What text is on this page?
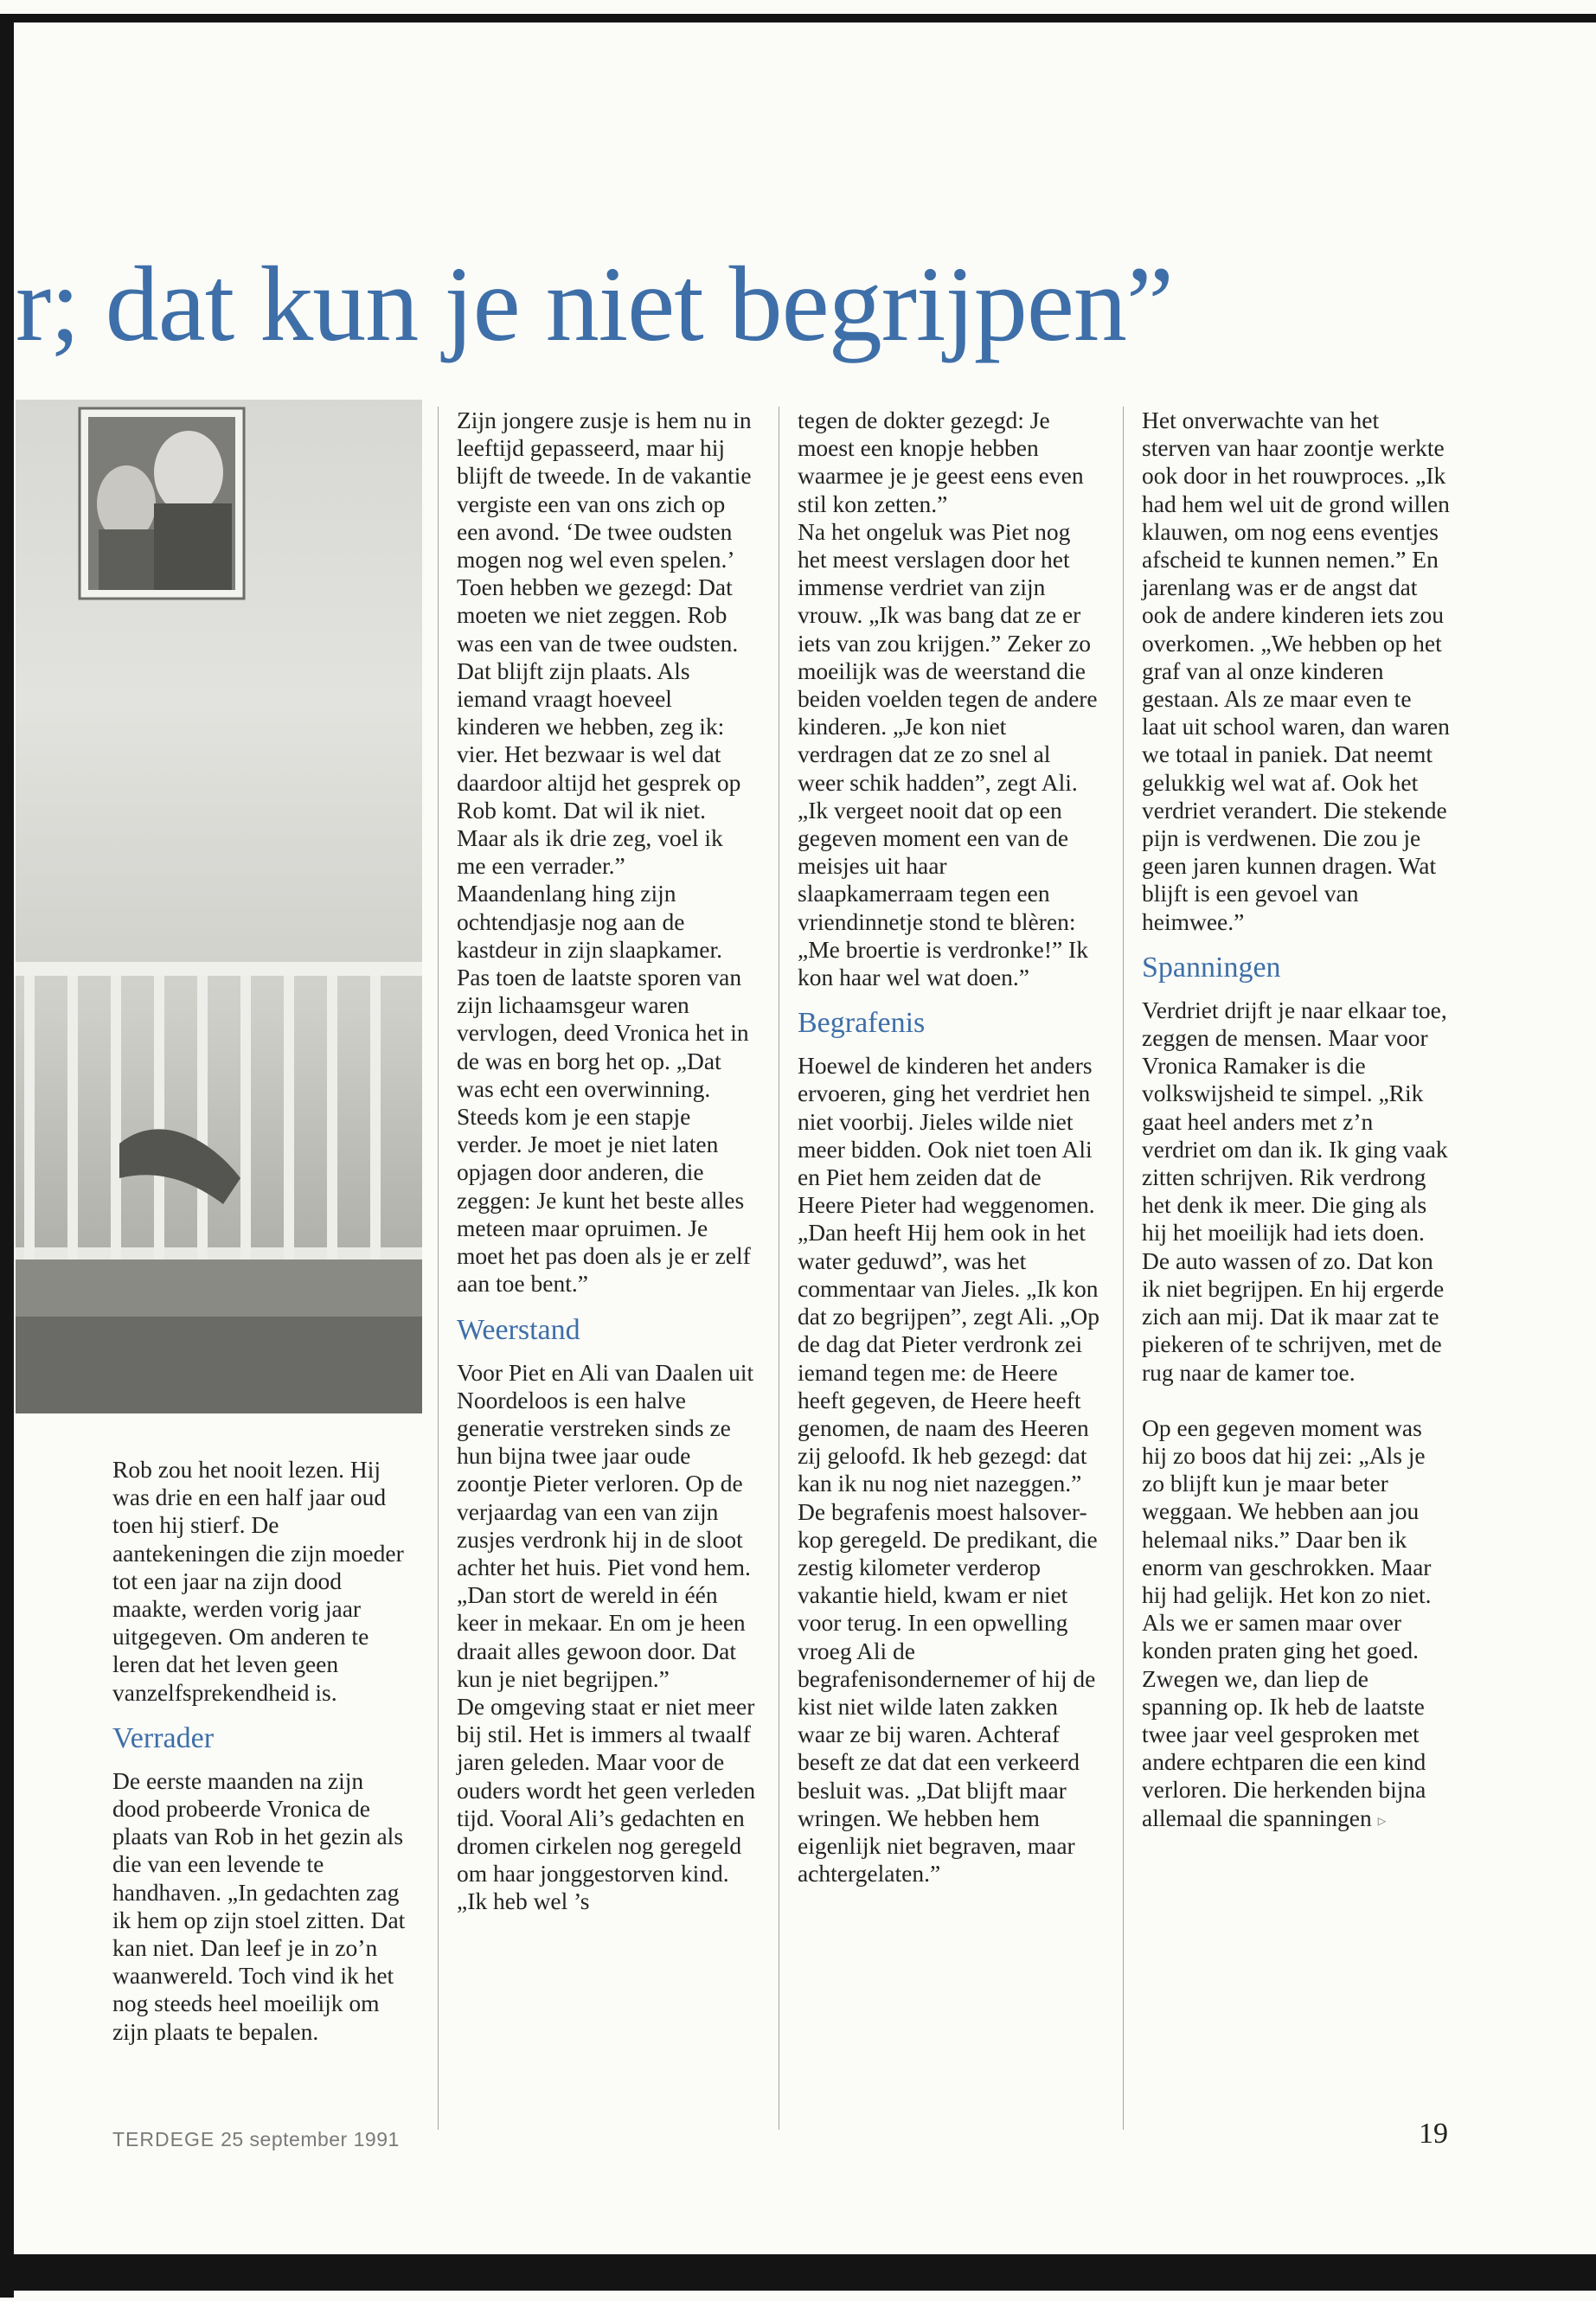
r; dat kun je niet begrijpen”

Rob zou het nooit lezen. Hij was drie en een half jaar oud toen hij stierf. De aantekeningen die zijn moeder tot een jaar na zijn dood maakte, werden vorig jaar uitgegeven. Om anderen te leren dat het leven geen vanzelfsprekendheid is.

Verrader

De eerste maanden na zijn dood probeerde Vronica de plaats van Rob in het gezin als die van een levende te handhaven. „In gedachten zag ik hem op zijn stoel zitten. Dat kan niet. Dan leef je in zo’n waanwereld. Toch vind ik het nog steeds heel moeilijk om zijn plaats te bepalen.

Zijn jongere zusje is hem nu in leeftijd gepasseerd, maar hij blijft de tweede. In de vakantie vergiste een van ons zich op een avond. ‘De twee oudsten mogen nog wel even spelen.’ Toen hebben we gezegd: Dat moeten we niet zeggen. Rob was een van de twee oudsten. Dat blijft zijn plaats. Als iemand vraagt hoeveel kinderen we hebben, zeg ik: vier. Het bezwaar is wel dat daardoor altijd het gesprek op Rob komt. Dat wil ik niet. Maar als ik drie zeg, voel ik me een verrader.”

Maandenlang hing zijn ochtendjasje nog aan de kastdeur in zijn slaapkamer. Pas toen de laatste sporen van zijn lichaamsgeur waren vervlogen, deed Vronica het in de was en borg het op. „Dat was echt een overwinning. Steeds kom je een stapje verder. Je moet je niet laten opjagen door anderen, die zeggen: Je kunt het beste alles meteen maar opruimen. Je moet het pas doen als je er zelf aan toe bent.”

Weerstand

Voor Piet en Ali van Daalen uit Noordeloos is een halve generatie verstreken sinds ze hun bijna twee jaar oude zoontje Pieter verloren. Op de verjaardag van een van zijn zusjes verdronk hij in de sloot achter het huis. Piet vond hem. „Dan stort de wereld in één keer in mekaar. En om je heen draait alles gewoon door. Dat kun je niet begrijpen.”

De omgeving staat er niet meer bij stil. Het is immers al twaalf jaren geleden. Maar voor de ouders wordt het geen verleden tijd. Vooral Ali’s gedachten en dromen cirkelen nog geregeld om haar jonggestorven kind. „Ik heb wel ’s

tegen de dokter gezegd: Je moest een knopje hebben waarmee je je geest eens even stil kon zetten.”

Na het ongeluk was Piet nog het meest verslagen door het immense verdriet van zijn vrouw. „Ik was bang dat ze er iets van zou krijgen.” Zeker zo moeilijk was de weerstand die beiden voelden tegen de andere kinderen. „Je kon niet verdragen dat ze zo snel al weer schik hadden”, zegt Ali. „Ik vergeet nooit dat op een gegeven moment een van de meisjes uit haar slaapkamerraam tegen een vriendinnetje stond te blèren: „Me broertie is verdronke!” Ik kon haar wel wat doen.”

Begrafenis

Hoewel de kinderen het anders ervoeren, ging het verdriet hen niet voorbij. Jieles wilde niet meer bidden. Ook niet toen Ali en Piet hem zeiden dat de Heere Pieter had weggenomen. „Dan heeft Hij hem ook in het water geduwd”, was het commentaar van Jieles. „Ik kon dat zo begrijpen”, zegt Ali. „Op de dag dat Pieter verdronk zei iemand tegen me: de Heere heeft gegeven, de Heere heeft genomen, de naam des Heeren zij geloofd. Ik heb gezegd: dat kan ik nu nog niet nazeggen.”

De begrafenis moest halsover-kop geregeld. De predikant, die zestig kilometer verderop vakantie hield, kwam er niet voor terug. In een opwelling vroeg Ali de begrafenisondernemer of hij de kist niet wilde laten zakken waar ze bij waren. Achteraf beseft ze dat dat een verkeerd besluit was. „Dat blijft maar wringen. We hebben hem eigenlijk niet begraven, maar achtergelaten.”

Het onverwachte van het sterven van haar zoontje werkte ook door in het rouwproces. „Ik had hem wel uit de grond willen klauwen, om nog eens eventjes afscheid te kunnen nemen.” En jarenlang was er de angst dat ook de andere kinderen iets zou overkomen. „We hebben op het graf van al onze kinderen gestaan. Als ze maar even te laat uit school waren, dan waren we totaal in paniek. Dat neemt gelukkig wel wat af. Ook het verdriet verandert. Die stekende pijn is verdwenen. Die zou je geen jaren kunnen dragen. Wat blijft is een gevoel van heimwee.”

Spanningen

Verdriet drijft je naar elkaar toe, zeggen de mensen. Maar voor Vronica Ramaker is die volkswijsheid te simpel. „Rik gaat heel anders met z’n verdriet om dan ik. Ik ging vaak zitten schrijven. Rik verdrong het denk ik meer. Die ging als hij het moeilijk had iets doen. De auto wassen of zo. Dat kon ik niet begrijpen. En hij ergerde zich aan mij. Dat ik maar zat te piekeren of te schrijven, met de rug naar de kamer toe.

Op een gegeven moment was hij zo boos dat hij zei: „Als je zo blijft kun je maar beter weggaan. We hebben aan jou helemaal niks.” Daar ben ik enorm van geschrokken. Maar hij had gelijk. Het kon zo niet. Als we er samen maar over konden praten ging het goed. Zwegen we, dan liep de spanning op. Ik heb de laatste twee jaar veel gesproken met andere echtparen die een kind verloren. Die herkenden bijna allemaal die spanningen ▹

TERDEGE 25 september 1991	19
